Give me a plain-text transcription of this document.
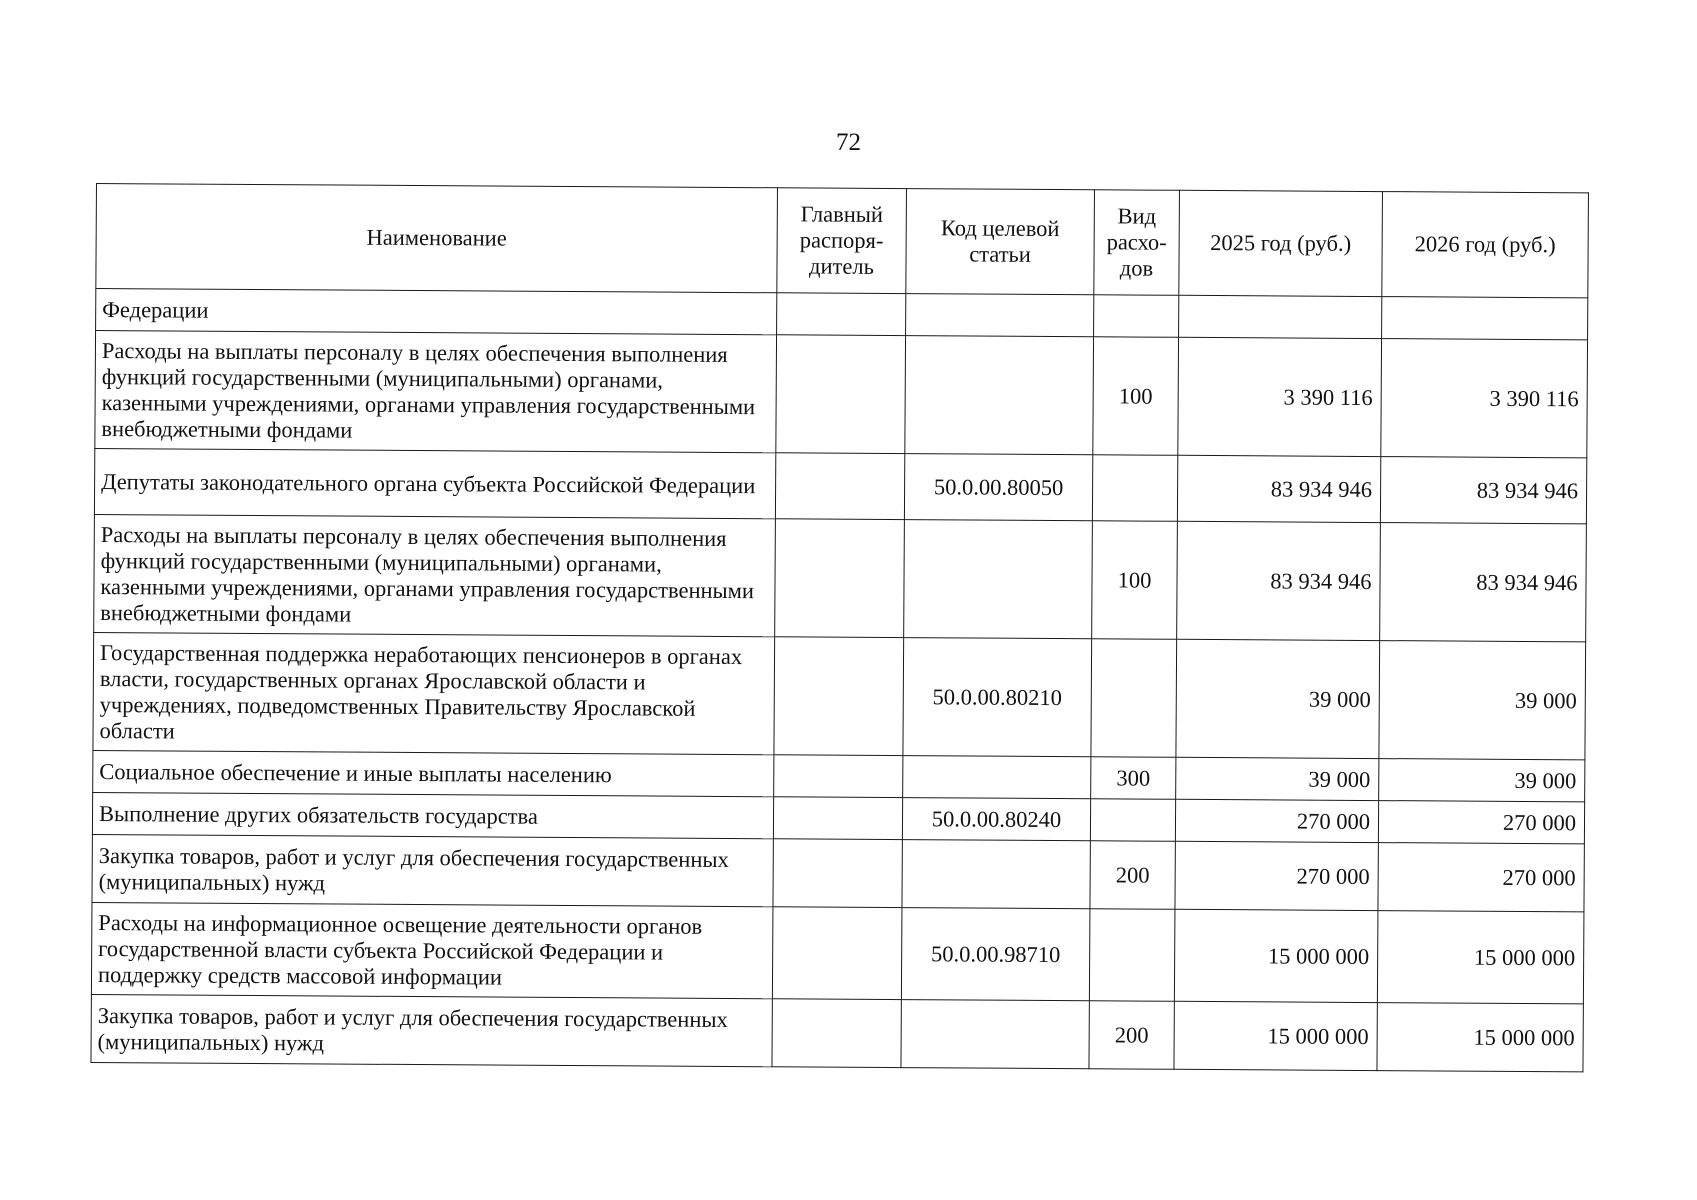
72
Наименование	Главный распоря-дитель	Код целевой статьи	Вид расхо-дов	2025 год (руб.)	2026 год (руб.)
Федерации					
Расходы на выплаты персоналу в целях обеспечения выполнения функций государственными (муниципальными) органами, казенными учреждениями, органами управления государственными внебюджетными фондами			100	3 390 116	3 390 116
Депутаты законодательного органа субъекта Российской Федерации		50.0.00.80050		83 934 946	83 934 946
Расходы на выплаты персоналу в целях обеспечения выполнения функций государственными (муниципальными) органами, казенными учреждениями, органами управления государственными внебюджетными фондами			100	83 934 946	83 934 946
Государственная поддержка неработающих пенсионеров в органах власти, государственных органах Ярославской области и учреждениях, подведомственных Правительству Ярославской области		50.0.00.80210		39 000	39 000
Социальное обеспечение и иные выплаты населению			300	39 000	39 000
Выполнение других обязательств государства		50.0.00.80240		270 000	270 000
Закупка товаров, работ и услуг для обеспечения государственных (муниципальных) нужд			200	270 000	270 000
Расходы на информационное освещение деятельности органов государственной власти субъекта Российской Федерации и поддержку средств массовой информации		50.0.00.98710		15 000 000	15 000 000
Закупка товаров, работ и услуг для обеспечения государственных (муниципальных) нужд			200	15 000 000	15 000 000
